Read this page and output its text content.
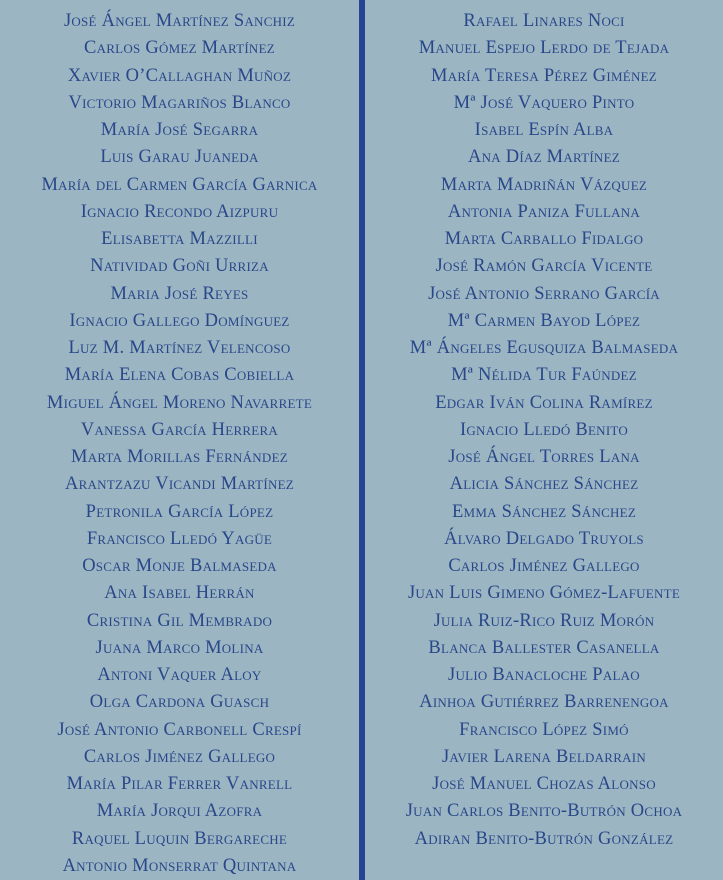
José Ángel Martínez Sanchiz
Carlos Gómez Martínez
Xavier O’Callaghan Muñoz
Victorio Magariños Blanco
María José Segarra
Luis Garau Juaneda
María del Carmen García Garnica
Ignacio Recondo Aizpuru
Elisabetta Mazzilli
Natividad Goñi Urriza
Maria José Reyes
Ignacio Gallego Domínguez
Luz M. Martínez Velencoso
María Elena Cobas Cobiella
Miguel Ángel Moreno Navarrete
Vanessa García Herrera
Marta Morillas Fernández
Arantzazu Vicandi Martínez
Petronila García López
Francisco Lledó Yagüe
Oscar Monje Balmaseda
Ana Isabel Herrán
Cristina Gil Membrado
Juana Marco Molina
Antoni Vaquer Aloy
Olga Cardona Guasch
José Antonio Carbonell Crespí
Carlos Jiménez Gallego
María Pilar Ferrer Vanrell
María Jorqui Azofra
Raquel Luquin Bergareche
Antonio Monserrat Quintana
Rafael Linares Noci
Manuel Espejo Lerdo de Tejada
María Teresa Pérez Giménez
Mª José Vaquero Pinto
Isabel Espín Alba
Ana Díaz Martínez
Marta Madriñán Vázquez
Antonia Paniza Fullana
Marta Carballo Fidalgo
José Ramón García Vicente
José Antonio Serrano García
Mª Carmen Bayod López
Mª Ángeles Egusquiza Balmaseda
Mª Nélida Tur Faúndez
Edgar Iván Colina Ramírez
Ignacio Lledó Benito
José Ángel Torres Lana
Alicia Sánchez Sánchez
Emma Sánchez Sánchez
Álvaro Delgado Truyols
Carlos Jiménez Gallego
Juan Luis Gimeno Gómez-Lafuente
Julia Ruiz-Rico Ruiz Morón
Blanca Ballester Casanella
Julio Banacloche Palao
Ainhoa Gutiérrez Barrenengoa
Francisco López Simó
Javier Larena Beldarrain
José Manuel Chozas Alonso
Juan Carlos Benito-Butrón Ochoa
Adiran Benito-Butrón González
